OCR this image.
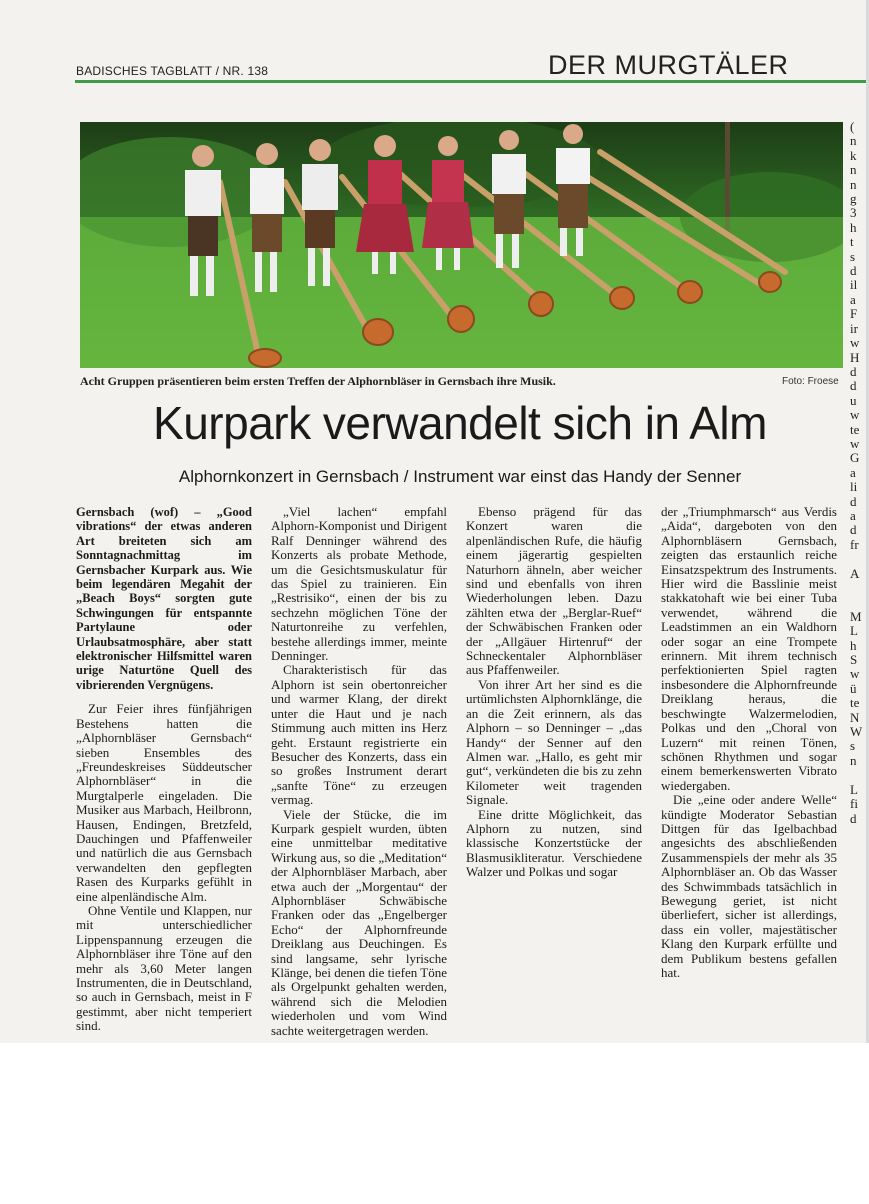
BADISCHES TAGBLATT / NR. 138	DER MURGTÄLER
Acht Gruppen präsentieren beim ersten Treffen der Alphornbläser in Gernsbach ihre Musik.	Foto: Froese
Kurpark verwandelt sich in Alm
Alphornkonzert in Gernsbach / Instrument war einst das Handy der Senner

Gernsbach (wof) – „Good vibrations“ der etwas anderen Art breiteten sich am Sonntagnachmittag im Gernsbacher Kurpark aus. Wie beim legendären Megahit der „Beach Boys“ sorgten gute Schwingungen für entspannte Partylaune oder Urlaubsatmosphäre, aber statt elektronischer Hilfsmittel waren urige Naturtöne Quell des vibrierenden Vergnügens.

Zur Feier ihres fünfjährigen Bestehens hatten die „Alphornbläser Gernsbach“ sieben Ensembles des „Freundeskreises Süddeutscher Alphornbläser“ in die Murgtalperle eingeladen. Die Musiker aus Marbach, Heilbronn, Hausen, Endingen, Bretzfeld, Dauchingen und Pfaffenweiler und natürlich die aus Gernsbach verwandelten den gepflegten Rasen des Kurparks gefühlt in eine alpenländische Alm.

Ohne Ventile und Klappen, nur mit unterschiedlicher Lippenspannung erzeugen die Alphornbläser ihre Töne auf den mehr als 3,60 Meter langen Instrumenten, die in Deutschland, so auch in Gernsbach, meist in F gestimmt, aber nicht temperiert sind.

„Viel lachen“ empfahl Alphorn-Komponist und Dirigent Ralf Denninger während des Konzerts als probate Methode, um die Gesichtsmuskulatur für das Spiel zu trainieren. Ein „Restrisiko“, einen der bis zu sechzehn möglichen Töne der Naturtonreihe zu verfehlen, bestehe allerdings immer, meinte Denninger.

Charakteristisch für das Alphorn ist sein obertonreicher und warmer Klang, der direkt unter die Haut und je nach Stimmung auch mitten ins Herz geht. Erstaunt registrierte ein Besucher des Konzerts, dass ein so großes Instrument derart „sanfte Töne“ zu erzeugen vermag.

Viele der Stücke, die im Kurpark gespielt wurden, übten eine unmittelbar meditative Wirkung aus, so die „Meditation“ der Alphornbläser Marbach, aber etwa auch der „Morgentau“ der Alphornbläser Schwäbische Franken oder das „Engelberger Echo“ der Alphornfreunde Dreiklang aus Deuchingen. Es sind langsame, sehr lyrische Klänge, bei denen die tiefen Töne als Orgelpunkt gehalten werden, während sich die Melodien wiederholen und vom Wind sachte weitergetragen werden.

Ebenso prägend für das Konzert waren die alpenländischen Rufe, die häufig einem jägerartig gespielten Naturhorn ähneln, aber weicher sind und ebenfalls von ihren Wiederholungen leben. Dazu zählten etwa der „Berglar-Ruef“ der Schwäbischen Franken oder der „Allgäuer Hirtenruf“ der Schneckentaler Alphornbläser aus Pfaffenweiler.

Von ihrer Art her sind es die urtümlichsten Alphornklänge, die an die Zeit erinnern, als das Alphorn – so Denninger – „das Handy“ der Senner auf den Almen war. „Hallo, es geht mir gut“, verkündeten die bis zu zehn Kilometer weit tragenden Signale.

Eine dritte Möglichkeit, das Alphorn zu nutzen, sind klassische Konzertstücke der Blasmusikliteratur. Verschiedene Walzer und Polkas und sogar

der „Triumphmarsch“ aus Verdis „Aida“, dargeboten von den Alphornbläsern Gernsbach, zeigten das erstaunlich reiche Einsatzspektrum des Instruments. Hier wird die Basslinie meist stakkatohaft wie bei einer Tuba verwendet, während die Leadstimmen an ein Waldhorn oder sogar an eine Trompete erinnern. Mit ihrem technisch perfektionierten Spiel ragten insbesondere die Alphornfreunde Dreiklang heraus, die beschwingte Walzermelodien, Polkas und den „Choral von Luzern“ mit reinen Tönen, schönen Rhythmen und sogar einem bemerkenswerten Vibrato wiedergaben.

Die „eine oder andere Welle“ kündigte Moderator Sebastian Dittgen für das Igelbachbad angesichts des abschließenden Zusammenspiels der mehr als 35 Alphornbläser an. Ob das Wasser des Schwimmbads tatsächlich in Bewegung geriet, ist nicht überliefert, sicher ist allerdings, dass ein voller, majestätischer Klang den Kurpark erfüllte und dem Publikum bestens gefallen hat.

(
n
k
n
n
g
3
h
t
s
d
il
a
F
ir
w
H
d
d
u
w
te
w
G
a
li
d
a
d
fr

A

M
L
h
S
w
ü
te
N
W
s
n

L
fi
d
